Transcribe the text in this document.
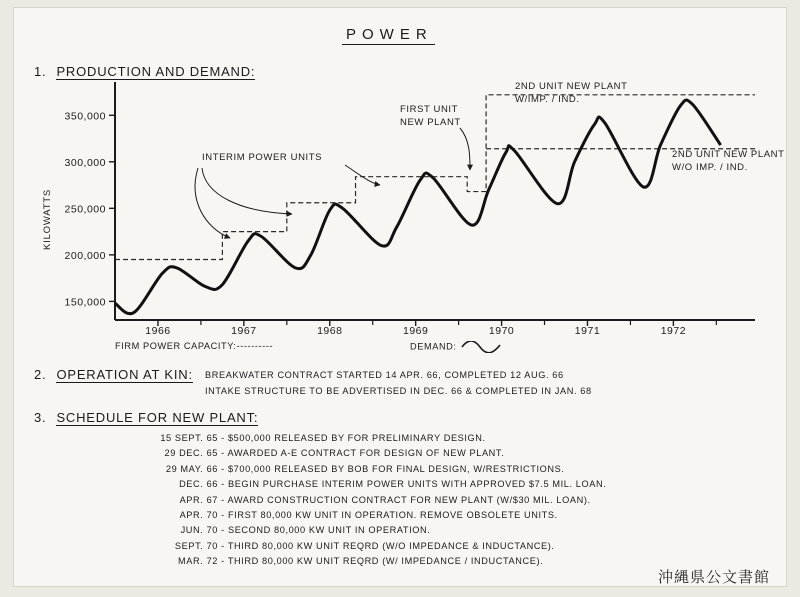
POWER
1. PRODUCTION AND DEMAND:
150,000
200,000
250,000
300,000
350,000
1966	1967	1968	1969	1970	1971	1972
KILOWATTS
INTERIM POWER UNITS
FIRST UNIT
NEW PLANT
2ND UNIT NEW PLANT
W/IMP. / IND.
2ND UNIT NEW PLANT
W/O IMP. / IND.
FIRM POWER CAPACITY:----------	DEMAND:
2. OPERATION AT KIN: BREAKWATER CONTRACT STARTED 14 APR. 66, COMPLETED 12 AUG. 66
INTAKE STRUCTURE TO BE ADVERTISED IN DEC. 66 & COMPLETED IN JAN. 68
3. SCHEDULE FOR NEW PLANT:
15 SEPT. 65 - $500,000 RELEASED BY FOR PRELIMINARY DESIGN.
29 DEC. 65 - AWARDED A-E CONTRACT FOR DESIGN OF NEW PLANT.
29 MAY. 66 - $700,000 RELEASED BY BOB FOR FINAL DESIGN, W/RESTRICTIONS.
DEC. 66 - BEGIN PURCHASE INTERIM POWER UNITS WITH APPROVED $7.5 MIL. LOAN.
APR. 67 - AWARD CONSTRUCTION CONTRACT FOR NEW PLANT (W/$30 MIL. LOAN).
APR. 70 - FIRST 80,000 KW UNIT IN OPERATION. REMOVE OBSOLETE UNITS.
JUN. 70 - SECOND 80,000 KW UNIT IN OPERATION.
SEPT. 70 - THIRD 80,000 KW UNIT REQRD (W/O IMPEDANCE & INDUCTANCE).
MAR. 72 - THIRD 80,000 KW UNIT REQRD (W/ IMPEDANCE / INDUCTANCE).
沖縄県公文書館
